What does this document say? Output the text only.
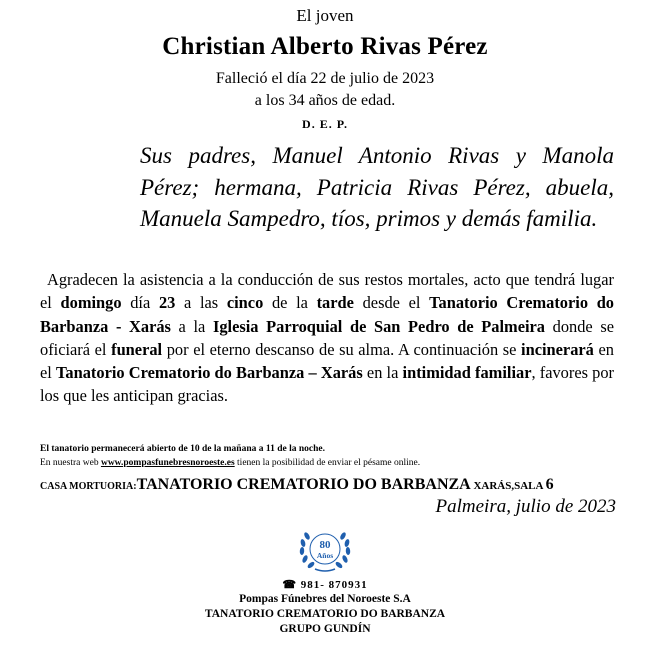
El joven
Christian Alberto Rivas Pérez
Falleció el día 22 de julio de 2023
a los 34 años de edad.
D. E. P.
Sus padres, Manuel Antonio Rivas y Manola Pérez; hermana, Patricia Rivas Pérez, abuela, Manuela Sampedro, tíos, primos y demás familia.
Agradecen la asistencia a la conducción de sus restos mortales, acto que tendrá lugar el domingo día 23 a las cinco de la tarde desde el Tanatorio Crematorio do Barbanza - Xarás a la Iglesia Parroquial de San Pedro de Palmeira donde se oficiará el funeral por el eterno descanso de su alma. A continuación se incinerará en el Tanatorio Crematorio do Barbanza – Xarás en la intimidad familiar, favores por los que les anticipan gracias.
El tanatorio permanecerá abierto de 10 de la mañana a 11 de la noche.
En nuestra web www.pompasfunebresnoroeste.es tienen la posibilidad de enviar el pésame online.
CASA MORTUORIA:TANATORIO CREMATORIO DO BARBANZA XARÁS,SALA 6
Palmeira, julio de 2023
80
Años
☎ 981- 870931
Pompas Fúnebres del Noroeste S.A
TANATORIO CREMATORIO DO BARBANZA
GRUPO GUNDÍN
